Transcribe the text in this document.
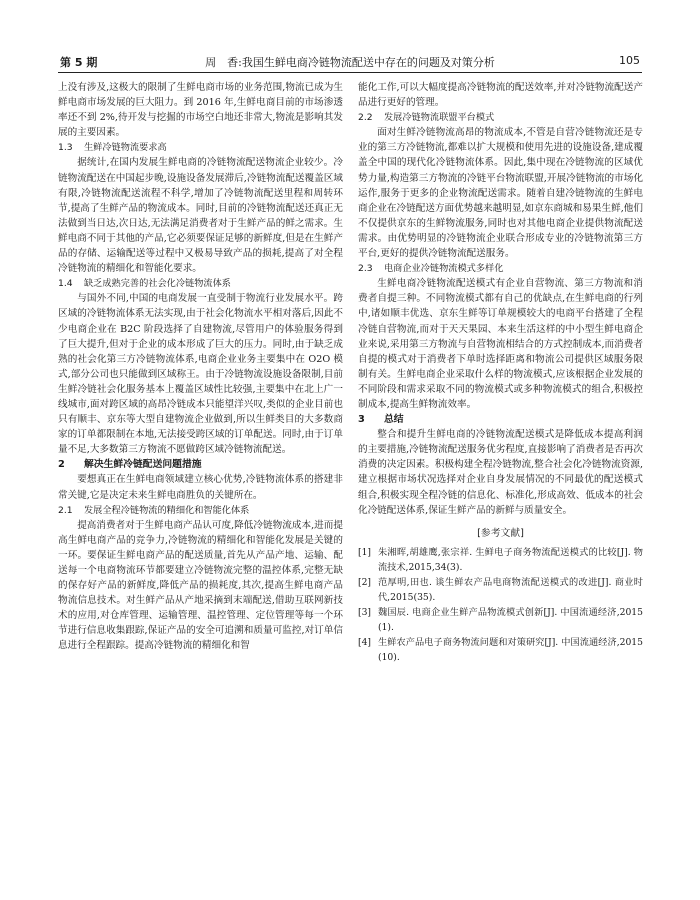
第 5 期	周　香:我国生鲜电商冷链物流配送中存在的问题及对策分析	105

上没有涉及,这极大的限制了生鲜电商市场的业务范围,物流已成为生鲜电商市场发展的巨大阻力。到 2016 年,生鲜电商目前的市场渗透率还不到 2%,待开发与挖掘的市场空白地还非常大,物流是影响其发展的主要因素。

1.3 生鲜冷链物流要求高

据统计,在国内发展生鲜电商的冷链物流配送物流企业较少。冷链物流配送在中国起步晚,设施设备发展滞后,冷链物流配送覆盖区域有限,冷链物流配送流程不科学,增加了冷链物流配送里程和周转环节,提高了生鲜产品的物流成本。同时,目前的冷链物流配送还真正无法做到当日达,次日达,无法满足消费者对于生鲜产品的鲜之需求。生鲜电商不同于其他的产品,它必须要保证足够的新鲜度,但是在生鲜产品的存储、运输配送等过程中又极易导致产品的损耗,提高了对全程冷链物流的精细化和智能化要求。

1.4 缺乏成熟完善的社会化冷链物流体系

与国外不同,中国的电商发展一直受制于物流行业发展水平。跨区域的冷链物流体系无法实现,由于社会化物流水平相对落后,因此不少电商企业在 B2C 阶段选择了自建物流,尽管用户的体验服务得到了巨大提升,但对于企业的成本形成了巨大的压力。同时,由于缺乏成熟的社会化第三方冷链物流体系,电商企业业务主要集中在 O2O 模式,部分公司也只能做到区域称王。由于冷链物流设施设备限制,目前生鲜冷链社会化服务基本上覆盖区域性比较强,主要集中在北上广一线城市,面对跨区域的高昂冷链成本只能望洋兴叹,类似的企业目前也只有顺丰、京东等大型自建物流企业做到,所以生鲜类目的大多数商家的订单都限制在本地,无法接受跨区域的订单配送。同时,由于订单量不足,大多数第三方物流不愿做跨区域冷链物流配送。

2 解决生鲜冷链配送问题措施

要想真正在生鲜电商领域建立核心优势,冷链物流体系的搭建非常关键,它是决定未来生鲜电商胜负的关键所在。

2.1 发展全程冷链物流的精细化和智能化体系

提高消费者对于生鲜电商产品认可度,降低冷链物流成本,进而提高生鲜电商产品的竞争力,冷链物流的精细化和智能化发展是关键的一环。要保证生鲜电商产品的配送质量,首先从产品产地、运输、配送每一个电商物流环节都要建立冷链物流完整的温控体系,完整无缺的保存好产品的新鲜度,降低产品的损耗度,其次,提高生鲜电商产品物流信息技术。对生鲜产品从产地采摘到末端配送,借助互联网新技术的应用,对仓库管理、运输管理、温控管理、定位管理等每一个环节进行信息收集跟踪,保证产品的安全可追溯和质量可监控,对订单信息进行全程跟踪。提高冷链物流的精细化和智

能化工作,可以大幅度提高冷链物流的配送效率,并对冷链物流配送产品进行更好的管理。

2.2 发展冷链物流联盟平台模式

面对生鲜冷链物流高昂的物流成本,不管是自营冷链物流还是专业的第三方冷链物流,都难以扩大规模和使用先进的设施设备,建成覆盖全中国的现代化冷链物流体系。因此,集中现在冷链物流的区域优势力量,构造第三方物流的冷链平台物流联盟,开展冷链物流的市场化运作,服务于更多的企业物流配送需求。随着自建冷链物流的生鲜电商企业在冷链配送方面优势越来越明显,如京东商城和易果生鲜,他们不仅提供京东的生鲜物流服务,同时也对其他电商企业提供物流配送需求。由优势明显的冷链物流企业联合形成专业的冷链物流第三方平台,更好的提供冷链物流配送服务。

2.3 电商企业冷链物流模式多样化

生鲜电商冷链物流配送模式有企业自营物流、第三方物流和消费者自提三种。不同物流模式都有自己的优缺点,在生鲜电商的行列中,诸如顺丰优选、京东生鲜等订单规模较大的电商平台搭建了全程冷链自营物流,而对于天天果园、本来生活这样的中小型生鲜电商企业来说,采用第三方物流与自营物流相结合的方式控制成本,而消费者自提的模式对于消费者下单时选择距离和物流公司提供区域服务限制有关。生鲜电商企业采取什么样的物流模式,应该根据企业发展的不同阶段和需求采取不同的物流模式或多种物流模式的组合,积极控制成本,提高生鲜物流效率。

3 总结

整合和提升生鲜电商的冷链物流配送模式是降低成本提高利润的主要措施,冷链物流配送服务优劣程度,直接影响了消费者是否再次消费的决定因素。积极构建全程冷链物流,整合社会化冷链物流资源,建立根据市场状况选择对企业自身发展情况的不同最优的配送模式组合,积极实现全程冷链的信息化、标准化,形成高效、低成本的社会化冷链配送体系,保证生鲜产品的新鲜与质量安全。

[参考文献]
[1] 朱湘晖,胡雄鹰,张宗祥. 生鲜电子商务物流配送模式的比较[J]. 物流技术,2015,34(3).
[2] 范厚明,田也. 谈生鲜农产品电商物流配送模式的改进[J]. 商业时代,2015(35).
[3] 魏国辰. 电商企业生鲜产品物流模式创新[J]. 中国流通经济,2015(1).
[4] 生鲜农产品电子商务物流问题和对策研究[J]. 中国流通经济,2015(10).
